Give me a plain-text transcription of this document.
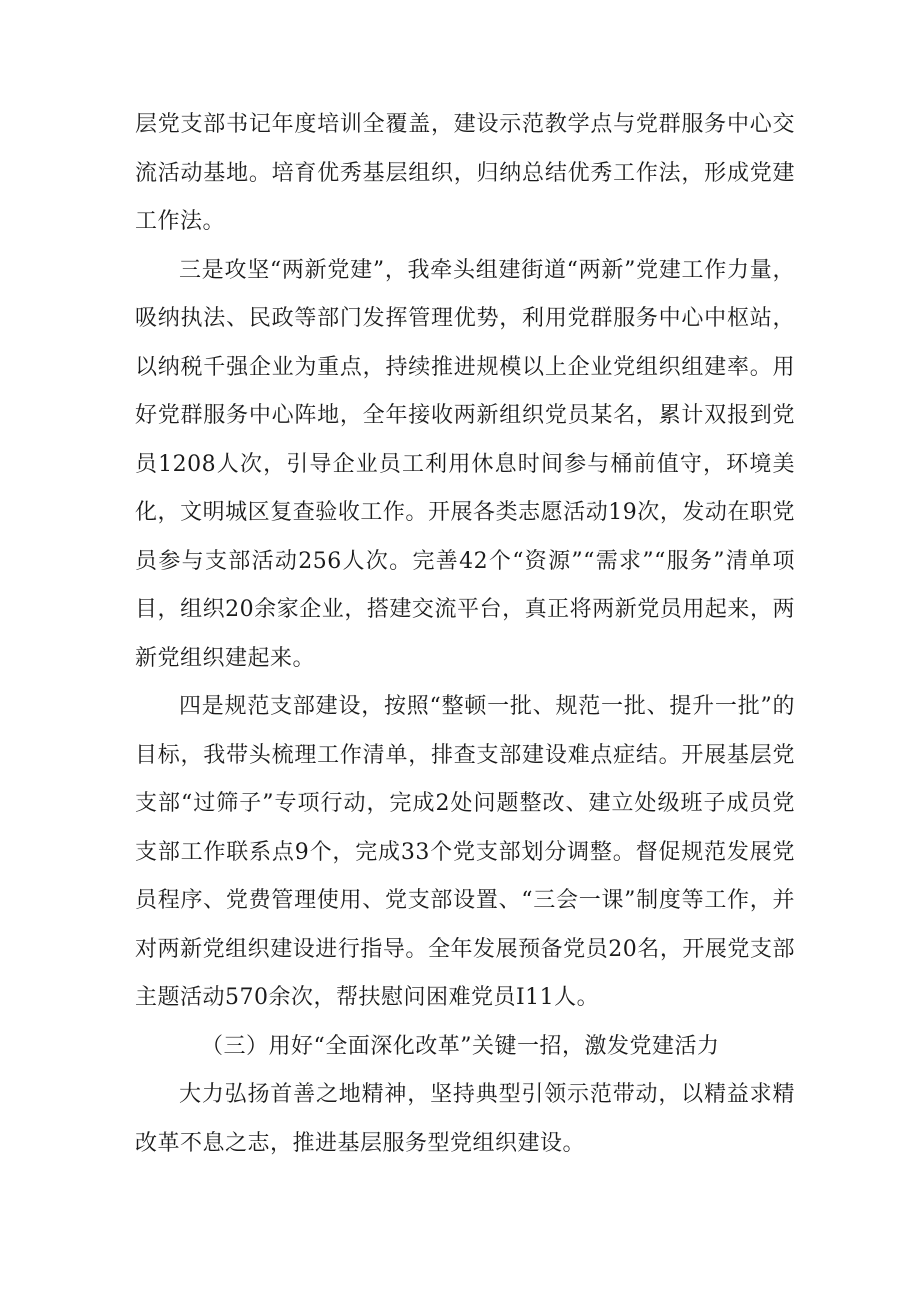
层党支部书记年度培训全覆盖，建设示范教学点与党群服务中心交流活动基地。培育优秀基层组织，归纳总结优秀工作法，形成党建工作法。

三是攻坚“两新党建”，我牵头组建街道“两新”党建工作力量，吸纳执法、民政等部门发挥管理优势，利用党群服务中心中枢站，以纳税千强企业为重点，持续推进规模以上企业党组织组建率。用好党群服务中心阵地，全年接收两新组织党员某名，累计双报到党员1208人次，引导企业员工利用休息时间参与桶前值守，环境美化，文明城区复查验收工作。开展各类志愿活动19次，发动在职党员参与支部活动256人次。完善42个“资源”“需求”“服务”清单项目，组织20余家企业，搭建交流平台，真正将两新党员用起来，两新党组织建起来。

四是规范支部建设，按照“整顿一批、规范一批、提升一批”的目标，我带头梳理工作清单，排查支部建设难点症结。开展基层党支部“过筛子”专项行动，完成2处问题整改、建立处级班子成员党支部工作联系点9个，完成33个党支部划分调整。督促规范发展党员程序、党费管理使用、党支部设置、“三会一课”制度等工作，并对两新党组织建设进行指导。全年发展预备党员20名，开展党支部主题活动570余次，帮扶慰问困难党员I11人。

（三）用好“全面深化改革”关键一招，激发党建活力

大力弘扬首善之地精神，坚持典型引领示范带动，以精益求精改革不息之志，推进基层服务型党组织建设。
